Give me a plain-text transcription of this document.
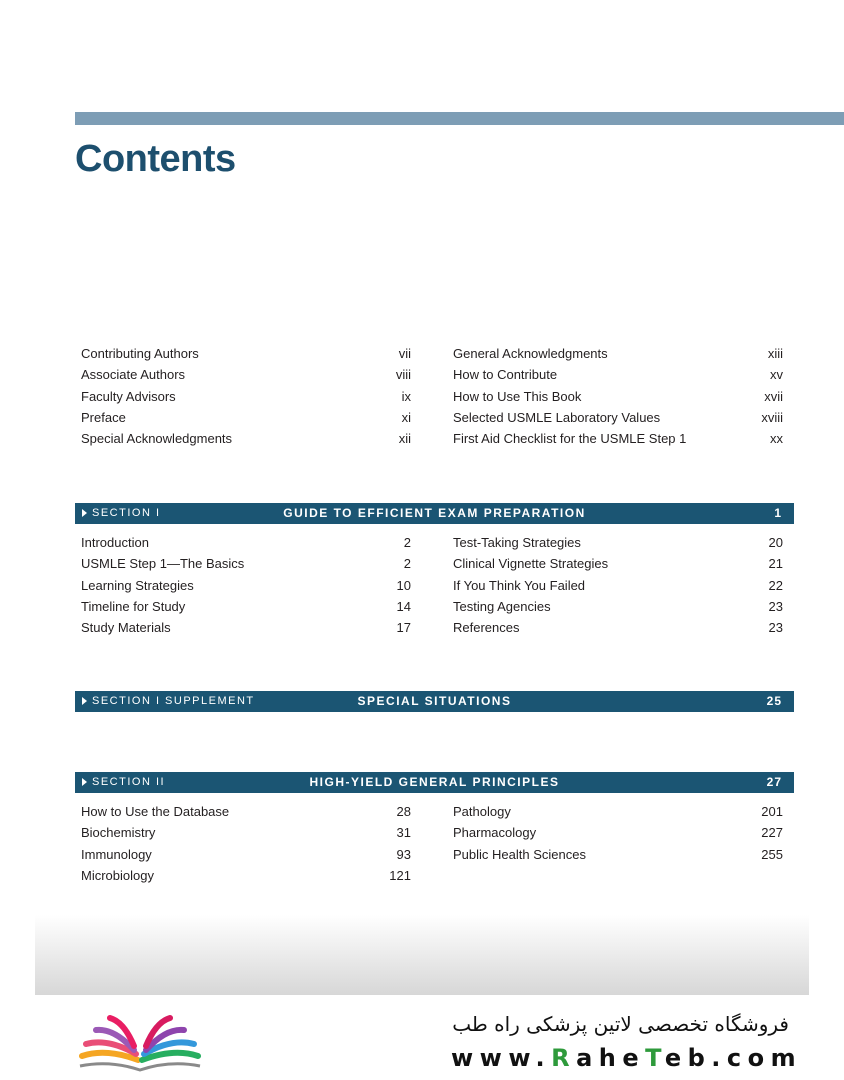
Contents
Contributing Authors	vii
Associate Authors	viii
Faculty Advisors	ix
Preface	xi
Special Acknowledgments	xii
General Acknowledgments	xiii
How to Contribute	xv
How to Use This Book	xvii
Selected USMLE Laboratory Values	xviii
First Aid Checklist for the USMLE Step 1	xx
SECTION I	GUIDE TO EFFICIENT EXAM PREPARATION	1
Introduction	2
USMLE Step 1—The Basics	2
Learning Strategies	10
Timeline for Study	14
Study Materials	17
Test-Taking Strategies	20
Clinical Vignette Strategies	21
If You Think You Failed	22
Testing Agencies	23
References	23
SECTION I SUPPLEMENT	SPECIAL SITUATIONS	25
SECTION II	HIGH-YIELD GENERAL PRINCIPLES	27
How to Use the Database	28
Biochemistry	31
Immunology	93
Microbiology	121
Pathology	201
Pharmacology	227
Public Health Sciences	255
فروشگاه تخصصی لاتین پزشکی راه طب
www.RaheTeb.com
